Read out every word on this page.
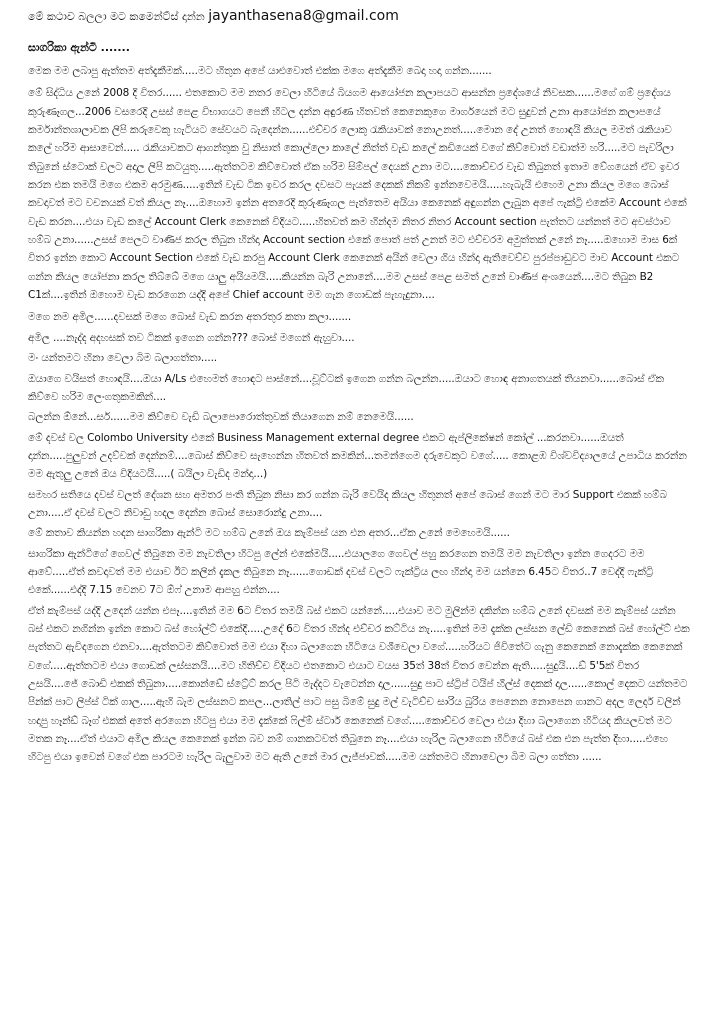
මේ කථාව බලලා මට කමෙන්ට්ස් දාන්න jayanthasena8@gmail.com
සාගරිකා ඇන්ටි .......

මෙක මම ලබාපු ඇත්තම අත්දැකීමක්.....මට හිතුන අපේ යාළුවොත් එක්ක මගෙ අත්දැකීම බෙදා හදා ගන්න.......

මේ සිද්ධිය උනේ 2008 දි විතර...... එතකොට මම නතර වෙලා හිටියේ බියගම ආයෝජන කලාපයට ආසන්න ප්‍රදේශයේ නිවසක......මගේ ගම් ප්‍රදේශය කුරුණෑගල...2006 වසරෙදි උසස් පෙළ විභාගයට පෙනී හිටල දන්න අඳුරණ හිතවත් කෙනෙකුගෙ මාර්ගයෙන් මට සුදුවන් උනා ආයෝජන කලාපයේ කර්මාන්තශාලාවක ලිපි කරුවෙකු හැටියට සේවයට බැදෙන්න......එච්චර ලොකු රැකියාවක් නොඋනත්.....මොන දේ උනත් හොඳයි කියල මමත් රැකියාව කලේ හරිම ආසාවෙන්..... රැකියාවකට ආගන්තුක වු නිසාත් කොල්ලො කාලේ නිත්ත් වැඩ කලේ කඩියෙක් වගේ කිව්වොත් වඩාත්ම හරි.....මට පැවරිලා තිබුනේ ස්ටොක් වලට අදාල ලිපි කටයුතු.....ඇත්තටම කිව්වොත් ඒක හරිම සිම්පල් දෙයක් උනා මට....කොච්චර වැඩ තිබුනත් ඉතාම වේගයෙන් ඒව ඉවර කරන එක තමයි මගෙ එකම අරමුණ.....ඉතින් වැඩ ටික ඉවර කරල දවසට පැයක් දෙකක් නිකම් ඉන්නවෙමයි.....හැබැයි එහෙම උනා කියල මගෙ බොස් කවදාවත් මට වචනයක් වත් කියල නෑ....ඔහොම ඉන්න අතරෙදි කුරුණෑගල පැත්තෙම අයියා කෙනෙක් අඳුගන්න ලැබුන අපේ ෆැක්ට්‍රි එකේම Account එකේ වැඩ කරන....එයා වැඩ කලේ Account Clerk කෙනෙක් විදියට.....හිතවත් කම හින්දම නිතර නිතර Account section පැත්තට යන්නත් මට අවස්ථාව හම්බ උනා......උසස් පෙලට වාණිජ කරල තිබුන හින්දා Account section එකේ පොත් පත් උනත් මට එච්චරම අමුත්තක් උනේ නෑ.....ඔහොම මාස 6ක් විතර ඉන්න කොට Account Section එකේ වැඩ කරපු Account Clerk කෙනෙක් අයින් වෙලා ගිය හින්දා ඇතිවෙච්ච පුරප්පාඩුවට මාව Account එකට ගන්න කියල යෝජනා කරල තිබ්බේ මගෙ යාලු අයියමයි.....කියන්න බැරි උනානේ....මම උසස් පෙළ සමත් උනේ වාණිජ අංශයෙන්....මට තිබුන B2 C1ක්....ඉතින් ඔහොම වැඩ කරගෙන යද්දි අපේ Chief account මම ගැන ගොඩක් පැහැදුනා....

මගෙ නම අමිල......දවසක් මගෙ බොස් වැඩ කරන අතරතුර කතා කලා.......

අමිල ....නැද්ද අදහසක් තව ටිකක් ඉගෙන ගන්න??? බොස් මගෙන් ඇහුවා....

මං යන්තමට හිනා වෙලා බිම බලාගත්තා.....

ඔයාගෙ වයිසත් හොඳයි....ඔයා A/Ls එහෙමත් හොඳට පාස්නේ....චූට්ටක් ඉගෙන ගන්න බලන්න.....ඔයාට හොඳ අනාගතයක් තියනවා......බොස් ඒක කිව්වෙ හරිම ලෙංගතුකමකින්....

බලන්න ඕනේ...සර්......මම කිව්වෙ වැඩි බලාපොරොත්තුවක් තියාගෙන නම් නෙමෙයි......

මේ දවස් වල Colombo University එකේ Business Management external degree එකට ඇප්ලිකේෂන් කෝල් ...කරනවා......ඔයත් දාන්න.....පුලුවන් උදව්වක් දෙන්නම්....බොස් කිව්වෙ සැහෙන්න හිතවත් කමකින්...තමන්ගෙම දරුවෙකුට වගේ..... කොළඹ විශ්වවිද්‍යාලයේ උපාධිය කරන්න මම ඇතුලු උනේ ඔය විදියටයි.....( බයිලා වැඩිද මන්දා...)

සමහර සතියෙ දවස් වලත් දේශන සහ අමතර පංති තිබුන නිසා කර ගන්න බැරි වෙයිද කියල හිතුනත් අපේ බොස් ගෙන් මට මාර Support එකක් හම්බ උනා.....ඒ දවස් වලට නිවාඩු හදල දෙන්න බොස් සොරොන්දු උනා....

මේ කතාව කියන්න හදන සාගරිකා ඇන්ටි මට හම්බ උනේ ඔය කැම්පස් යන එන අතර...ඒක උනේ මෙහෙමයි......

සාගරිකා ඇන්ටිගේ ගෙවල් තිබුනෙ මම නැවතිලා හිටපු ලේන් එකේමයි.....එයාලගෙ ගෙවල් පහු කරගෙන තමයි මම නැවතිලා ඉන්න ගෙදරට මම ආවේ.....ඒත් කවදාවත් මම එයාව ඊට කලින් දැකල තිබුනෙ නෑ......ගොඩක් දවස් වලට ෆැක්ට්‍රිය ලඟ හින්දා මම යන්නෙ 6.45ට විතර..7 වෙද්දි ෆැක්ට්‍රි එකේ......එද්දි 7.15 වෙනව 7ට ඕෆ් උනාම ආපහු එන්න....

ඒත් කැම්පස් යද්දි උදෙන් යන්න එපෑ....ඉතින් මම 6ට විතර තමයි බස් එකට යන්නේ.....එයාව මට මුලින්ම දකින්න හම්බ උනේ දවසක් මම කැම්පස් යන්න බස් එකට නගින්න ඉන්න කොට බස් හෝල්ට් එකේදි.....උදේ 6ට විතර හින්ද එච්චර කට්ටිය නැ.....ඉතින් මම දැක්ක ලස්සන ලේඩි කෙනෙක් බස් හෝල්ට් එක පැත්තට ඇවිදගෙන එනවා....ඇත්තටම කිව්වොත් මම එයා දිහා බලාගෙන හිටියෙ වශීවෙලා වගේ.....හරියට ජිවිතේට ගැනු කෙනෙක් නොදැක්ක කෙනෙක් වගේ.....ඇත්තටම එයා ගොඩක් ලස්සනයි....මට හිතිච්ච විදියට එතකොට එයාට වයස 35ත් 38ත් විතර වෙන්න ඇති.....සුදුයි....ඩ් 5'5ක් විතර උසයි....ජේ බොඩි එකක් තිබුනා.....කොන්ඩේ ස්ට්‍රේට් කරල පිටි මැද්දට වැටෙන්න දාල......සුදු පාට ස්ට්‍රිප් ටයිප් හීල්ස් දෙකක් දාල......කොල් දෙකට යන්තමට පින්ක් පාට ලිප්ස් ටික් ගාල.....ඇහි බැම ලස්සනට කපල...ලාතිල් පාට පසු බිමේ සුදු මල් වැටිච්ච සාරිය බුරිය පෙනෙන නොපෙන ගානට අදල ලෙදර් වලින් හදාපු හෑන්ඩ් බෑග් එකක් අතේ අරගෙන හිටපු එයා මම දැක්කේ ෆිල්ම් ස්ටාර් කෙනෙක් වගේ.....කොච්චර වෙලා එයා දිහා බලාගෙන හිටියද කියලවත් මට මතක නෑ....ඒත් එයාට අමිල කියල කෙනෙක් ඉන්න බව නම් ගානකටවත් තිබුනෙ නෑ....එයා හැරිල බලාගෙන හිටියේ බස් එක එන පැත්ත දිහා.....එහෙ හිටපු එයා ඉවෙන් වගේ එක පාරටම හැරිල බැලුවාම මට ඇති උනේ මාර ලැජ්ජාවක්.....මම යන්තමට හිනාවෙලා බිම බලා ගත්තා ......
